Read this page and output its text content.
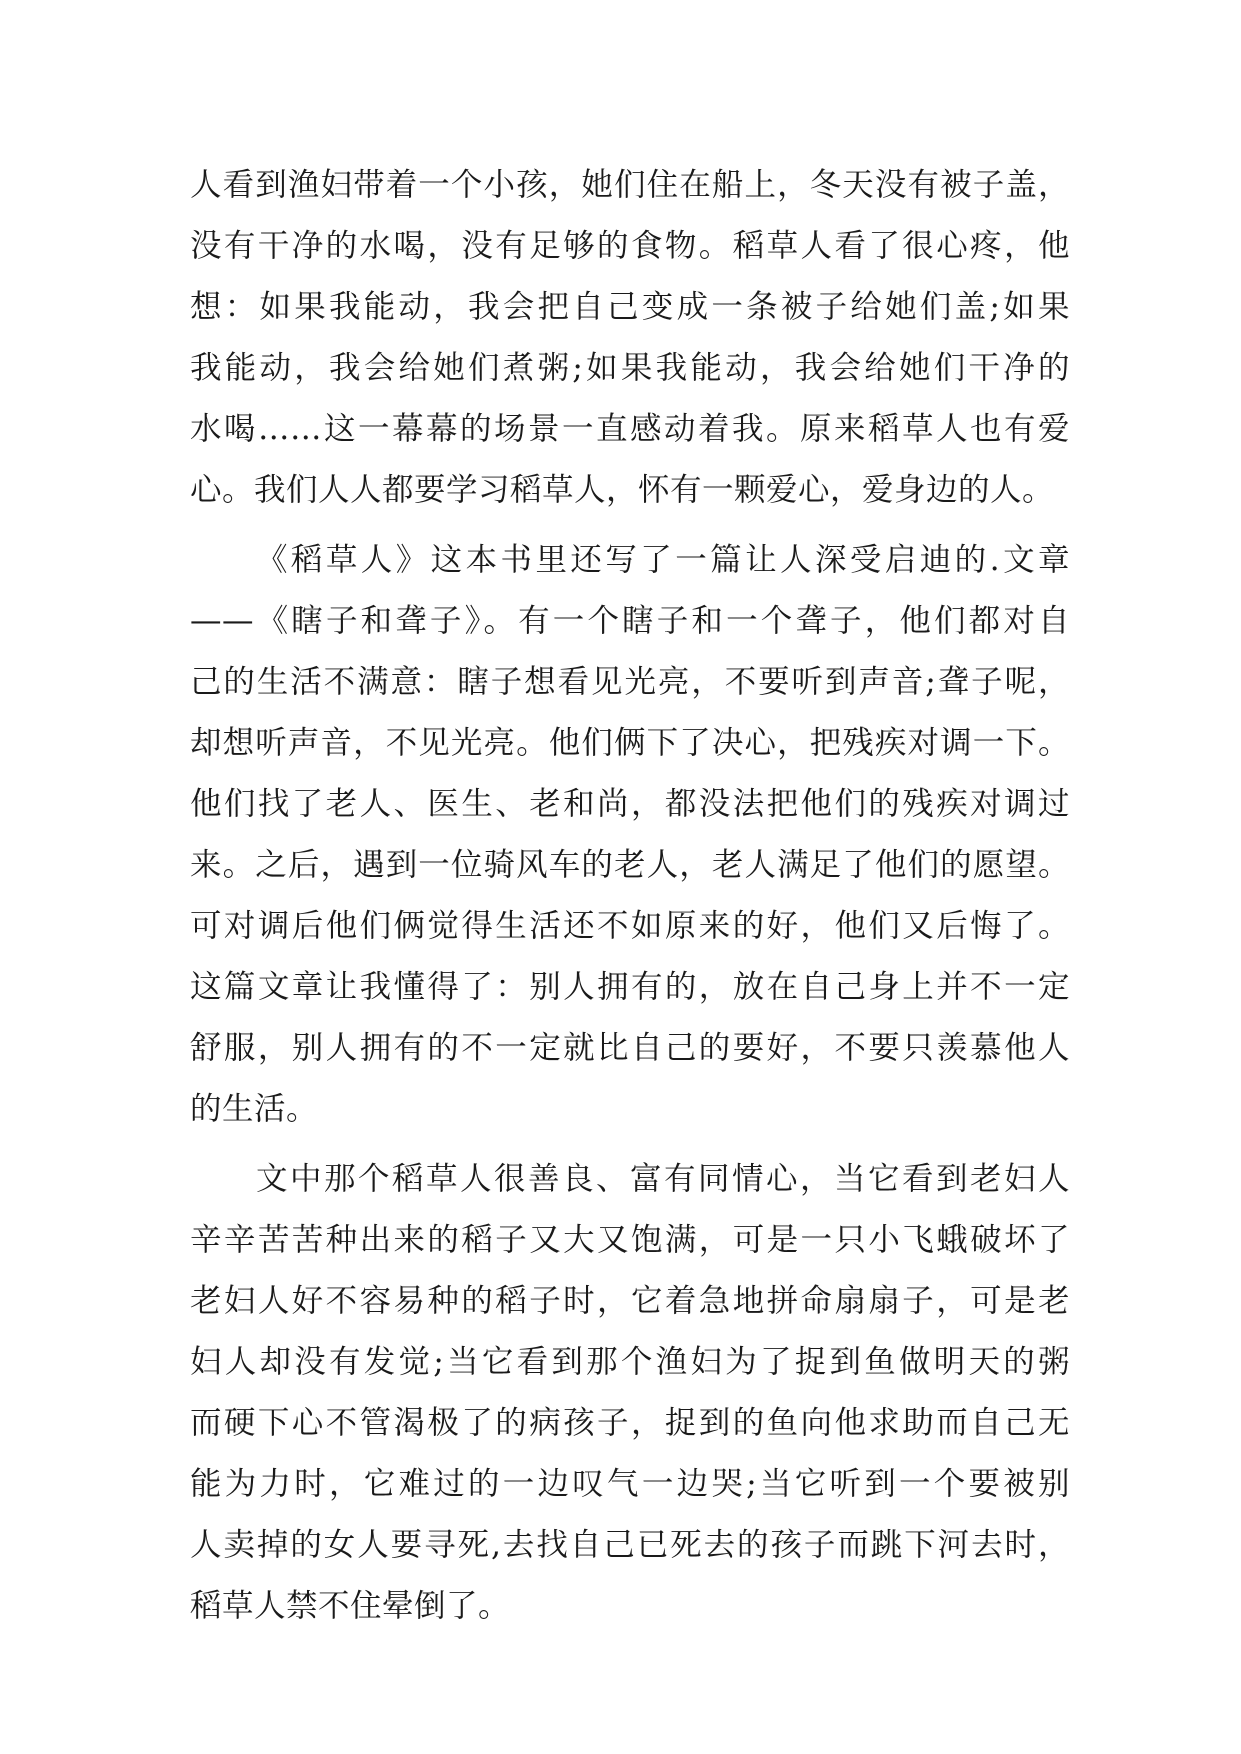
人看到渔妇带着一个小孩，她们住在船上，冬天没有被子盖，
没有干净的水喝，没有足够的食物。稻草人看了很心疼，他
想：如果我能动，我会把自己变成一条被子给她们盖;如果
我能动，我会给她们煮粥;如果我能动，我会给她们干净的
水喝……这一幕幕的场景一直感动着我。原来稻草人也有爱
心。我们人人都要学习稻草人，怀有一颗爱心，爱身边的人。
《稻草人》这本书里还写了一篇让人深受启迪的.文章
——《瞎子和聋子》。有一个瞎子和一个聋子，他们都对自
己的生活不满意：瞎子想看见光亮，不要听到声音;聋子呢，
却想听声音，不见光亮。他们俩下了决心，把残疾对调一下。
他们找了老人、医生、老和尚，都没法把他们的残疾对调过
来。之后，遇到一位骑风车的老人，老人满足了他们的愿望。
可对调后他们俩觉得生活还不如原来的好，他们又后悔了。
这篇文章让我懂得了：别人拥有的，放在自己身上并不一定
舒服，别人拥有的不一定就比自己的要好，不要只羡慕他人
的生活。
文中那个稻草人很善良、富有同情心，当它看到老妇人
辛辛苦苦种出来的稻子又大又饱满，可是一只小飞蛾破坏了
老妇人好不容易种的稻子时，它着急地拼命扇扇子，可是老
妇人却没有发觉;当它看到那个渔妇为了捉到鱼做明天的粥
而硬下心不管渴极了的病孩子，捉到的鱼向他求助而自己无
能为力时，它难过的一边叹气一边哭;当它听到一个要被别
人卖掉的女人要寻死,去找自己已死去的孩子而跳下河去时，
稻草人禁不住晕倒了。
